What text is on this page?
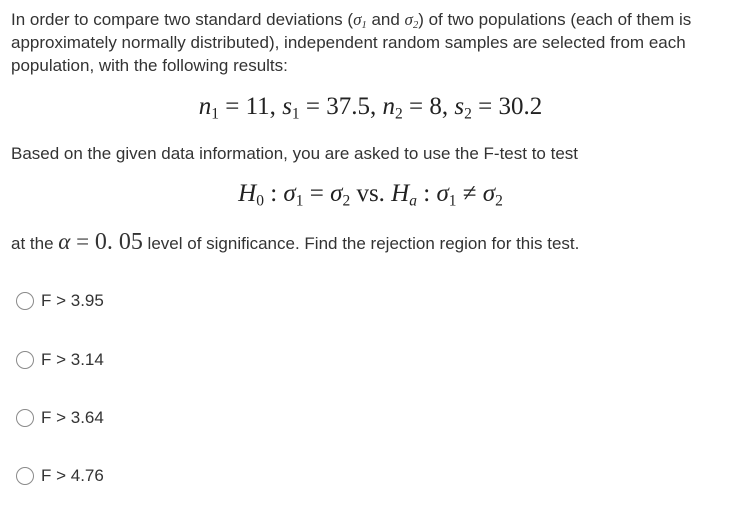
In order to compare two standard deviations ($\sigma_1$ and $\sigma_2$) of two populations (each of them is approximately normally distributed), independent random samples are selected from each population, with the following results:
$n_1 = 11$, $s_1 = 37.5$, $n_2 = 8$, $s_2 = 30.2$
Based on the given data information, you are asked to use the F-test to test
$H_0$ : $\sigma_1 = \sigma_2$ vs. $H_a$ : $\sigma_1 \ne \sigma_2$
at the α = 0. 05 level of significance. Find the rejection region for this test.
F > 3.95
F > 3.14
F > 3.64
F > 4.76
